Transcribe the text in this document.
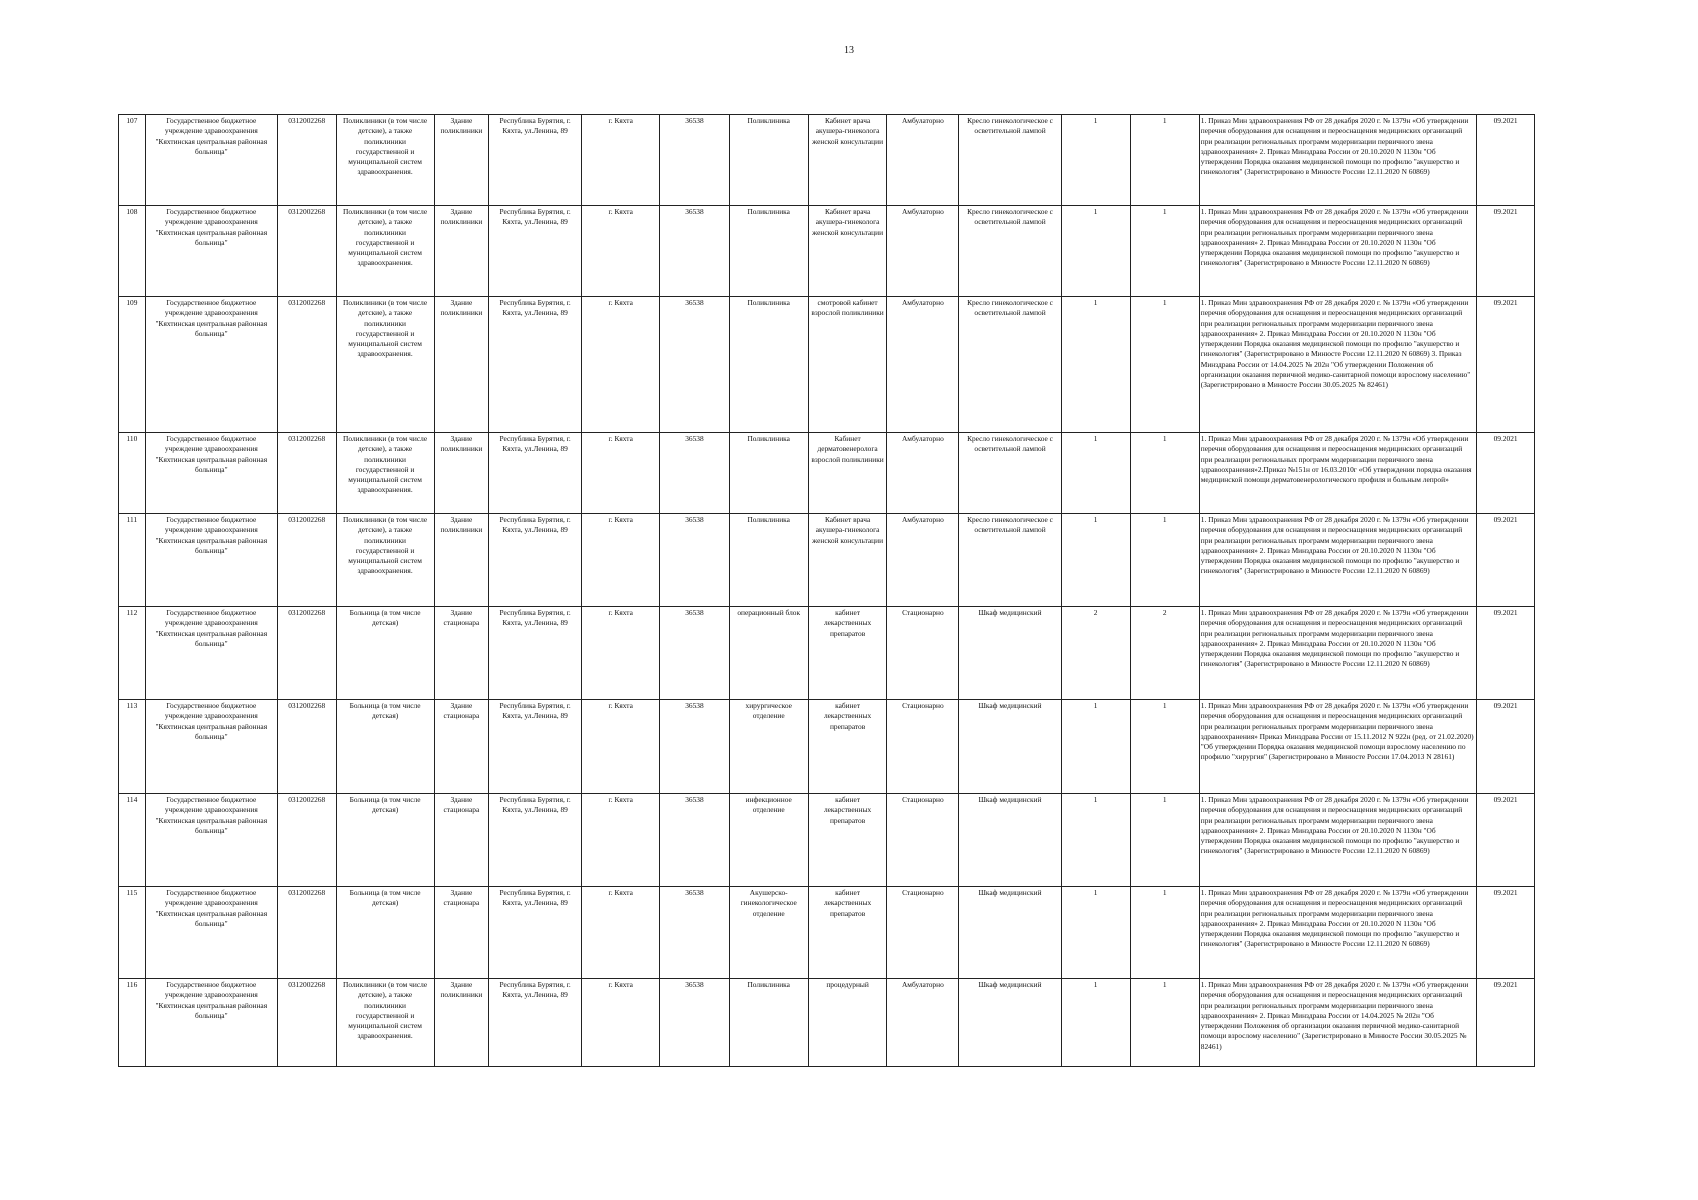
13
107	Государственное бюджетное учреждение здравоохранения "Кяхтинская центральная районная больница"	0312002268	Поликлиники (в том числе детские), а также поликлиники государственной и муниципальной систем здравоохранения.	Здание поликлиники	Республика Бурятия, г. Кяхта, ул.Ленина, 89	г. Кяхта	36538	Поликлиника	Кабинет врача акушера-гинеколога женской консультации	Амбулаторно	Кресло гинекологическое с осветительной лампой	1	1	1. Приказ Мин здравоохранения РФ от 28 декабря 2020 г. № 1379н «Об утверждении перечня оборудования для оснащения и переоснащения медицинских организаций при реализации региональных программ модернизации первичного звена здравоохранения» 2. Приказ Минздрава России от 20.10.2020 N 1130н "Об утверждении Порядка оказания медицинской помощи по профилю "акушерство и гинекология" (Зарегистрировано в Минюсте России 12.11.2020 N 60869)	09.2021
108	Государственное бюджетное учреждение здравоохранения "Кяхтинская центральная районная больница"	0312002268	Поликлиники (в том числе детские), а также поликлиники государственной и муниципальной систем здравоохранения.	Здание поликлиники	Республика Бурятия, г. Кяхта, ул.Ленина, 89	г. Кяхта	36538	Поликлиника	Кабинет врача акушера-гинеколога женской консультации	Амбулаторно	Кресло гинекологическое с осветительной лампой	1	1	1. Приказ Мин здравоохранения РФ от 28 декабря 2020 г. № 1379н «Об утверждении перечня оборудования для оснащения и переоснащения медицинских организаций при реализации региональных программ модернизации первичного звена здравоохранения» 2. Приказ Минздрава России от 20.10.2020 N 1130н "Об утверждении Порядка оказания медицинской помощи по профилю "акушерство и гинекология" (Зарегистрировано в Минюсте России 12.11.2020 N 60869)	09.2021
109	Государственное бюджетное учреждение здравоохранения "Кяхтинская центральная районная больница"	0312002268	Поликлиники (в том числе детские), а также поликлиники государственной и муниципальной систем здравоохранения.	Здание поликлиники	Республика Бурятия, г. Кяхта, ул.Ленина, 89	г. Кяхта	36538	Поликлиника	смотровой кабинет взрослой поликлиники	Амбулаторно	Кресло гинекологическое с осветительной лампой	1	1	1. Приказ Мин здравоохранения РФ от 28 декабря 2020 г. № 1379н «Об утверждении перечня оборудования для оснащения и переоснащения медицинских организаций при реализации региональных программ модернизации первичного звена здравоохранения» 2. Приказ Минздрава России от 20.10.2020 N 1130н "Об утверждении Порядка оказания медицинской помощи по профилю "акушерство и гинекология" (Зарегистрировано в Минюсте России 12.11.2020 N 60869) 3. Приказ Минздрава России от 14.04.2025 № 202н "Об утверждении Положения об организации оказания первичной медико-санитарной помощи взрослому населению" (Зарегистрировано в Минюсте России 30.05.2025 № 82461)	09.2021
110	Государственное бюджетное учреждение здравоохранения "Кяхтинская центральная районная больница"	0312002268	Поликлиники (в том числе детские), а также поликлиники государственной и муниципальной систем здравоохранения.	Здание поликлиники	Республика Бурятия, г. Кяхта, ул.Ленина, 89	г. Кяхта	36538	Поликлиника	Кабинет дерматовенеролога взрослой поликлиники	Амбулаторно	Кресло гинекологическое с осветительной лампой	1	1	1. Приказ Мин здравоохранения РФ от 28 декабря 2020 г. № 1379н «Об утверждении перечня оборудования для оснащения и переоснащения медицинских организаций при реализации региональных программ модернизации первичного звена здравоохранения»2.Приказ №151н от 16.03.2010г «Об утверждении порядка оказания медицинской помощи дерматовенерологического профиля и больным лепрой»	09.2021
111	Государственное бюджетное учреждение здравоохранения "Кяхтинская центральная районная больница"	0312002268	Поликлиники (в том числе детские), а также поликлиники государственной и муниципальной систем здравоохранения.	Здание поликлиники	Республика Бурятия, г. Кяхта, ул.Ленина, 89	г. Кяхта	36538	Поликлиника	Кабинет врача акушера-гинеколога женской консультации	Амбулаторно	Кресло гинекологическое с осветительной лампой	1	1	1. Приказ Мин здравоохранения РФ от 28 декабря 2020 г. № 1379н «Об утверждении перечня оборудования для оснащения и переоснащения медицинских организаций при реализации региональных программ модернизации первичного звена здравоохранения» 2. Приказ Минздрава России от 20.10.2020 N 1130н "Об утверждении Порядка оказания медицинской помощи по профилю "акушерство и гинекология" (Зарегистрировано в Минюсте России 12.11.2020 N 60869)	09.2021
112	Государственное бюджетное учреждение здравоохранения "Кяхтинская центральная районная больница"	0312002268	Больница (в том числе детская)	Здание стационара	Республика Бурятия, г. Кяхта, ул.Ленина, 89	г. Кяхта	36538	операционный блок	кабинет лекарственных препаратов	Стационарно	Шкаф медицинский	2	2	1. Приказ Мин здравоохранения РФ от 28 декабря 2020 г. № 1379н «Об утверждении перечня оборудования для оснащения и переоснащения медицинских организаций при реализации региональных программ модернизации первичного звена здравоохранения» 2. Приказ Минздрава России от 20.10.2020 N 1130н "Об утверждении Порядка оказания медицинской помощи по профилю "акушерство и гинекология" (Зарегистрировано в Минюсте России 12.11.2020 N 60869)	09.2021
113	Государственное бюджетное учреждение здравоохранения "Кяхтинская центральная районная больница"	0312002268	Больница (в том числе детская)	Здание стационара	Республика Бурятия, г. Кяхта, ул.Ленина, 89	г. Кяхта	36538	хирургическое отделение	кабинет лекарственных препаратов	Стационарно	Шкаф медицинский	1	1	1. Приказ Мин здравоохранения РФ от 28 декабря 2020 г. № 1379н «Об утверждении перечня оборудования для оснащения и переоснащения медицинских организаций при реализации региональных программ модернизации первичного звена здравоохранения» Приказ Минздрава России от 15.11.2012 N 922н (ред. от 21.02.2020) "Об утверждении Порядка оказания медицинской помощи взрослому населению по профилю "хирургия" (Зарегистрировано в Минюсте России 17.04.2013 N 28161)	09.2021
114	Государственное бюджетное учреждение здравоохранения "Кяхтинская центральная районная больница"	0312002268	Больница (в том числе детская)	Здание стационара	Республика Бурятия, г. Кяхта, ул.Ленина, 89	г. Кяхта	36538	инфекционное отделение	кабинет лекарственных препаратов	Стационарно	Шкаф медицинский	1	1	1. Приказ Мин здравоохранения РФ от 28 декабря 2020 г. № 1379н «Об утверждении перечня оборудования для оснащения и переоснащения медицинских организаций при реализации региональных программ модернизации первичного звена здравоохранения» 2. Приказ Минздрава России от 20.10.2020 N 1130н "Об утверждении Порядка оказания медицинской помощи по профилю "акушерство и гинекология" (Зарегистрировано в Минюсте России 12.11.2020 N 60869)	09.2021
115	Государственное бюджетное учреждение здравоохранения "Кяхтинская центральная районная больница"	0312002268	Больница (в том числе детская)	Здание стационара	Республика Бурятия, г. Кяхта, ул.Ленина, 89	г. Кяхта	36538	Акушерско-гинекологическое отделение	кабинет лекарственных препаратов	Стационарно	Шкаф медицинский	1	1	1. Приказ Мин здравоохранения РФ от 28 декабря 2020 г. № 1379н «Об утверждении перечня оборудования для оснащения и переоснащения медицинских организаций при реализации региональных программ модернизации первичного звена здравоохранения» 2. Приказ Минздрава России от 20.10.2020 N 1130н "Об утверждении Порядка оказания медицинской помощи по профилю "акушерство и гинекология" (Зарегистрировано в Минюсте России 12.11.2020 N 60869)	09.2021
116	Государственное бюджетное учреждение здравоохранения "Кяхтинская центральная районная больница"	0312002268	Поликлиники (в том числе детские), а также поликлиники государственной и муниципальной систем здравоохранения.	Здание поликлиники	Республика Бурятия, г. Кяхта, ул.Ленина, 89	г. Кяхта	36538	Поликлиника	процедурный	Амбулаторно	Шкаф медицинский	1	1	1. Приказ Мин здравоохранения РФ от 28 декабря 2020 г. № 1379н «Об утверждении перечня оборудования для оснащения и переоснащения медицинских организаций при реализации региональных программ модернизации первичного звена здравоохранения» 2. Приказ Минздрава России от 14.04.2025 № 202н "Об утверждении Положения об организации оказания первичной медико-санитарной помощи взрослому населению" (Зарегистрировано в Минюсте России 30.05.2025 № 82461)	09.2021
